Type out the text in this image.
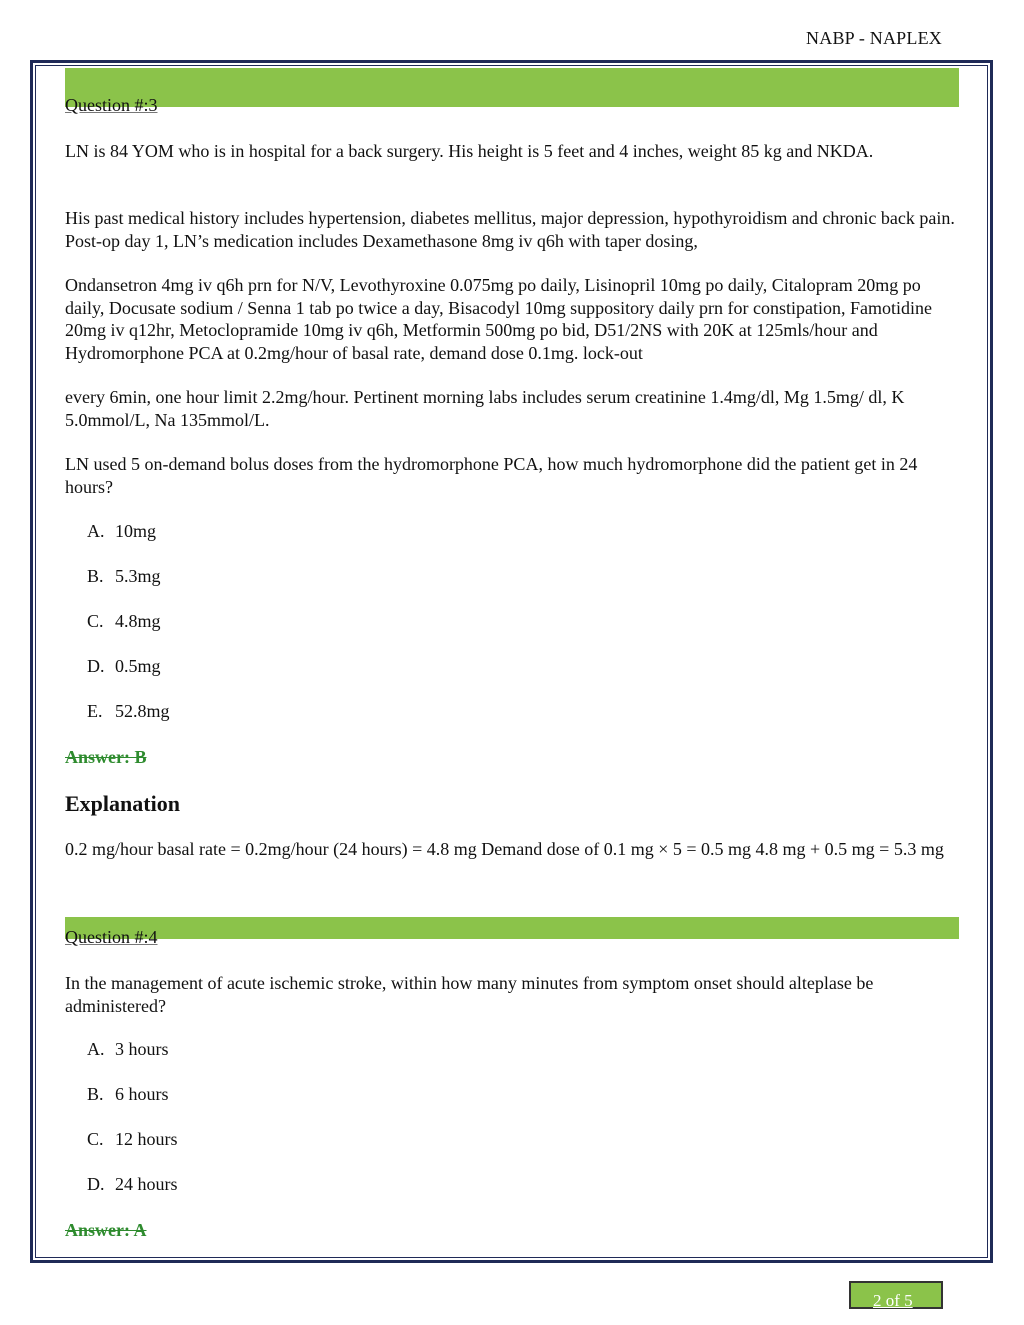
NABP - NAPLEX
Question #:3

LN is 84 YOM who is in hospital for a back surgery. His height is 5 feet and 4 inches, weight 85 kg and NKDA.

His past medical history includes hypertension, diabetes mellitus, major depression, hypothyroidism and chronic back pain. Post-op day 1, LN’s medication includes Dexamethasone 8mg iv q6h with taper dosing,

Ondansetron 4mg iv q6h prn for N/V, Levothyroxine 0.075mg po daily, Lisinopril 10mg po daily, Citalopram 20mg po daily, Docusate sodium / Senna 1 tab po twice a day, Bisacodyl 10mg suppository daily prn for constipation, Famotidine 20mg iv q12hr, Metoclopramide 10mg iv q6h, Metformin 500mg po bid, D51/2NS with 20K at 125mls/hour and Hydromorphone PCA at 0.2mg/hour of basal rate, demand dose 0.1mg. lock-out

every 6min, one hour limit 2.2mg/hour. Pertinent morning labs includes serum creatinine 1.4mg/dl, Mg 1.5mg/ dl, K 5.0mmol/L, Na 135mmol/L.

LN used 5 on-demand bolus doses from the hydromorphone PCA, how much hydromorphone did the patient get in 24 hours?

A. 10mg
B. 5.3mg
C. 4.8mg
D. 0.5mg
E. 52.8mg
Answer: B
Explanation

0.2 mg/hour basal rate = 0.2mg/hour (24 hours) = 4.8 mg Demand dose of 0.1 mg × 5 = 0.5 mg 4.8 mg + 0.5 mg = 5.3 mg

Question #:4

In the management of acute ischemic stroke, within how many minutes from symptom onset should alteplase be administered?

A. 3 hours
B. 6 hours
C. 12 hours
D. 24 hours
Answer: A
2 of 5
